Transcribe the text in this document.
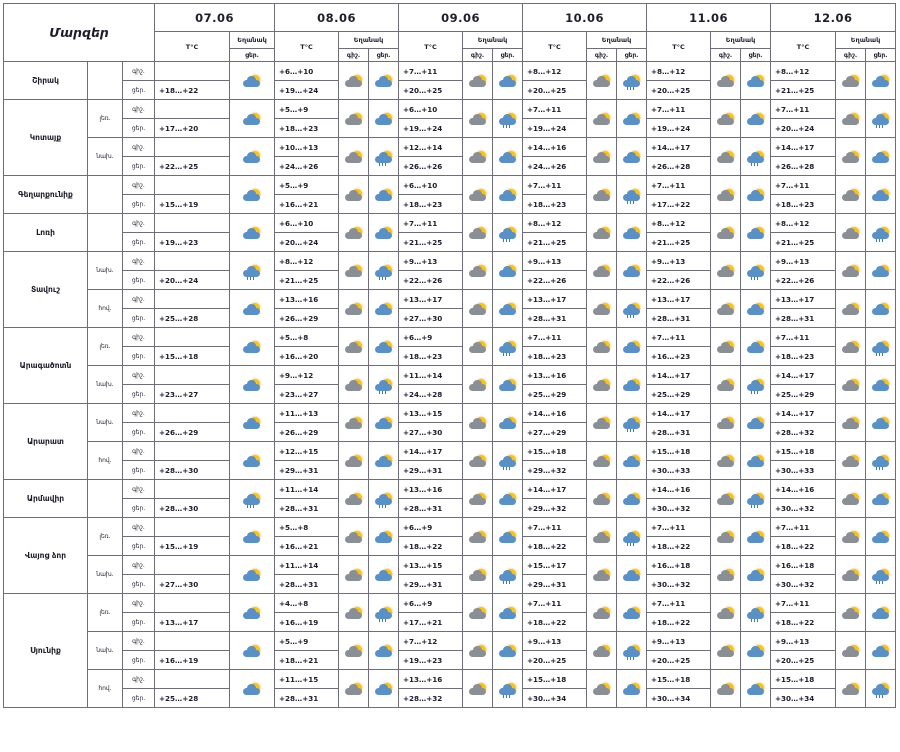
Մարզեր			07.06		08.06			09.06			10.06			11.06			12.06		
			T°C	Եղանակ	T°C	Եղանակ		T°C	Եղանակ		T°C	Եղանակ		T°C	Եղանակ		T°C	Եղանակ	
				ցեր.		գիշ.	ցեր.		գիշ.	ցեր.		գիշ.	ցեր.		գիշ.	ցեր.		գիշ.	ցեր.
Շիրակ		գիշ.			+6…+10			+7…+11			+8…+12			+8…+12			+8…+12	

		ցեր.	+18…+22		+19…+24			+20…+25			+20…+25			+20…+25			+21…+25		
Կոտայք	լեռ.	գիշ.			+5…+9			+6…+10			+7…+11			+7…+11			+7…+11	

		ցեր.	+17…+20		+18…+23			+19…+24			+19…+24			+19…+24			+20…+24		
	նախ.	գիշ.			+10…+13			+12…+14			+14…+16			+14…+17			+14…+17	

		ցեր.	+22…+25		+24…+26			+26…+26			+24…+26			+26…+28			+26…+28		
Գեղարքունիք		գիշ.			+5…+9			+6…+10			+7…+11			+7…+11			+7…+11	

		ցեր.	+15…+19		+16…+21			+18…+23			+18…+23			+17…+22			+18…+23		
Լոռի		գիշ.			+6…+10			+7…+11			+8…+12			+8…+12			+8…+12	

		ցեր.	+19…+23		+20…+24			+21…+25			+21…+25			+21…+25			+21…+25		
Տավուշ	նախ.	գիշ.			+8…+12			+9…+13			+9…+13			+9…+13			+9…+13	

		ցեր.	+20…+24		+21…+25			+22…+26			+22…+26			+22…+26			+22…+26		
	հով.	գիշ.			+13…+16			+13…+17			+13…+17			+13…+17			+13…+17	

		ցեր.	+25…+28		+26…+29			+27…+30			+28…+31			+28…+31			+28…+31		
Արագածոտն	լեռ.	գիշ.			+5…+8			+6…+9			+7…+11			+7…+11			+7…+11	

		ցեր.	+15…+18		+16…+20			+18…+23			+18…+23			+16…+23			+18…+23		
	նախ.	գիշ.			+9…+12			+11…+14			+13…+16			+14…+17			+14…+17	

		ցեր.	+23…+27		+23…+27			+24…+28			+25…+29			+25…+29			+25…+29		
Արարատ	նախ.	գիշ.			+11…+13			+13…+15			+14…+16			+14…+17			+14…+17	

		ցեր.	+26…+29		+26…+29			+27…+30			+27…+29			+28…+31			+28…+32		
	հով.	գիշ.			+12…+15			+14…+17			+15…+18			+15…+18			+15…+18	

		ցեր.	+28…+30		+29…+31			+29…+31			+29…+32			+30…+33			+30…+33		
Արմավիր		գիշ.			+11…+14			+13…+16			+14…+17			+14…+16			+14…+16	

		ցեր.	+28…+30		+28…+31			+28…+31			+29…+32			+30…+32			+30…+32		
Վայոց ձոր	լեռ.	գիշ.			+5…+8			+6…+9			+7…+11			+7…+11			+7…+11	

		ցեր.	+15…+19		+16…+21			+18…+22			+18…+22			+18…+22			+18…+22		
	նախ.	գիշ.			+11…+14			+13…+15			+15…+17			+16…+18			+16…+18	

		ցեր.	+27…+30		+28…+31			+29…+31			+29…+31			+30…+32			+30…+32		
Սյունիք	լեռ.	գիշ.			+4…+8			+6…+9			+7…+11			+7…+11			+7…+11	

		ցեր.	+13…+17		+16…+19			+17…+21			+18…+22			+18…+22			+18…+22		
	նախ.	գիշ.			+5…+9			+7…+12			+9…+13			+9…+13			+9…+13	

		ցեր.	+16…+19		+18…+21			+19…+23			+20…+25			+20…+25			+20…+25		
	հով.	գիշ.			+11…+15			+13…+16			+15…+18			+15…+18			+15…+18	

		ցեր.	+25…+28		+28…+31			+28…+32			+30…+34			+30…+34			+30…+34		
